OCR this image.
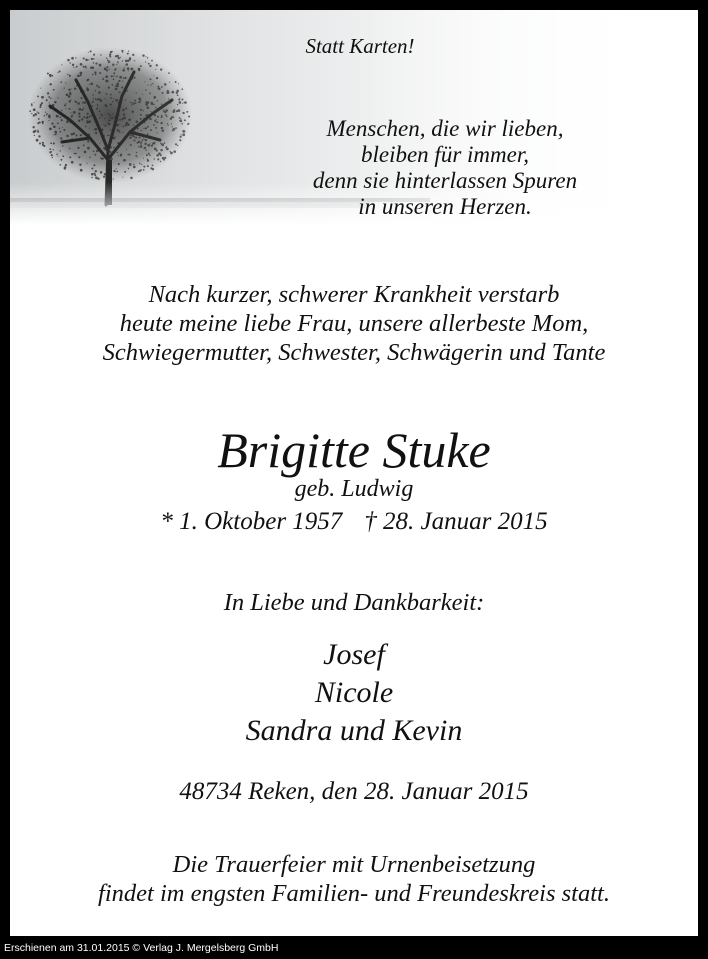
Statt Karten!

Menschen, die wir lieben,
bleiben für immer,
denn sie hinterlassen Spuren
in unseren Herzen.

Nach kurzer, schwerer Krankheit verstarb
heute meine liebe Frau, unsere allerbeste Mom,
Schwiegermutter, Schwester, Schwägerin und Tante

Brigitte Stuke

geb. Ludwig

* 1. Oktober 1957 † 28. Januar 2015

In Liebe und Dankbarkeit:

Josef
Nicole
Sandra und Kevin

48734 Reken, den 28. Januar 2015

Die Trauerfeier mit Urnenbeisetzung
findet im engsten Familien- und Freundeskreis statt.

Erschienen am 31.01.2015 © Verlag J. Mergelsberg GmbH
